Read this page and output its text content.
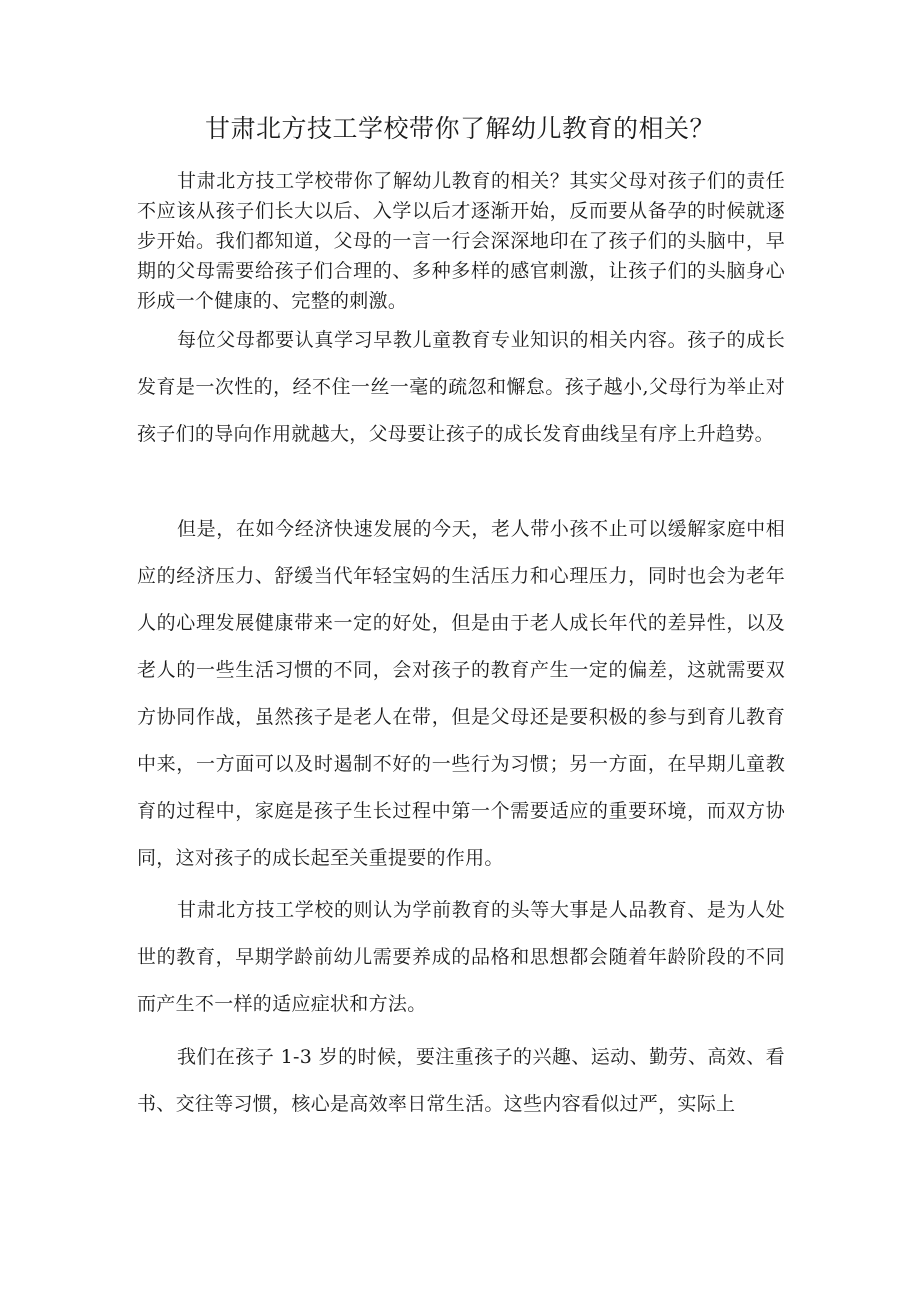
甘肃北方技工学校带你了解幼儿教育的相关？

甘肃北方技工学校带你了解幼儿教育的相关？其实父母对孩子们的责任不应该从孩子们长大以后、入学以后才逐渐开始，反而要从备孕的时候就逐步开始。我们都知道，父母的一言一行会深深地印在了孩子们的头脑中，早期的父母需要给孩子们合理的、多种多样的感官刺激，让孩子们的头脑身心形成一个健康的、完整的刺激。

每位父母都要认真学习早教儿童教育专业知识的相关内容。孩子的成长发育是一次性的，经不住一丝一毫的疏忽和懈怠。孩子越小,父母行为举止对孩子们的导向作用就越大，父母要让孩子的成长发育曲线呈有序上升趋势。

但是，在如今经济快速发展的今天，老人带小孩不止可以缓解家庭中相应的经济压力、舒缓当代年轻宝妈的生活压力和心理压力，同时也会为老年人的心理发展健康带来一定的好处，但是由于老人成长年代的差异性，以及老人的一些生活习惯的不同，会对孩子的教育产生一定的偏差，这就需要双方协同作战，虽然孩子是老人在带，但是父母还是要积极的参与到育儿教育中来，一方面可以及时遏制不好的一些行为习惯；另一方面，在早期儿童教育的过程中，家庭是孩子生长过程中第一个需要适应的重要环境，而双方协同，这对孩子的成长起至关重提要的作用。

甘肃北方技工学校的则认为学前教育的头等大事是人品教育、是为人处世的教育，早期学龄前幼儿需要养成的品格和思想都会随着年龄阶段的不同而产生不一样的适应症状和方法。

我们在孩子 1-3 岁的时候，要注重孩子的兴趣、运动、勤劳、高效、看书、交往等习惯，核心是高效率日常生活。这些内容看似过严，实际上
